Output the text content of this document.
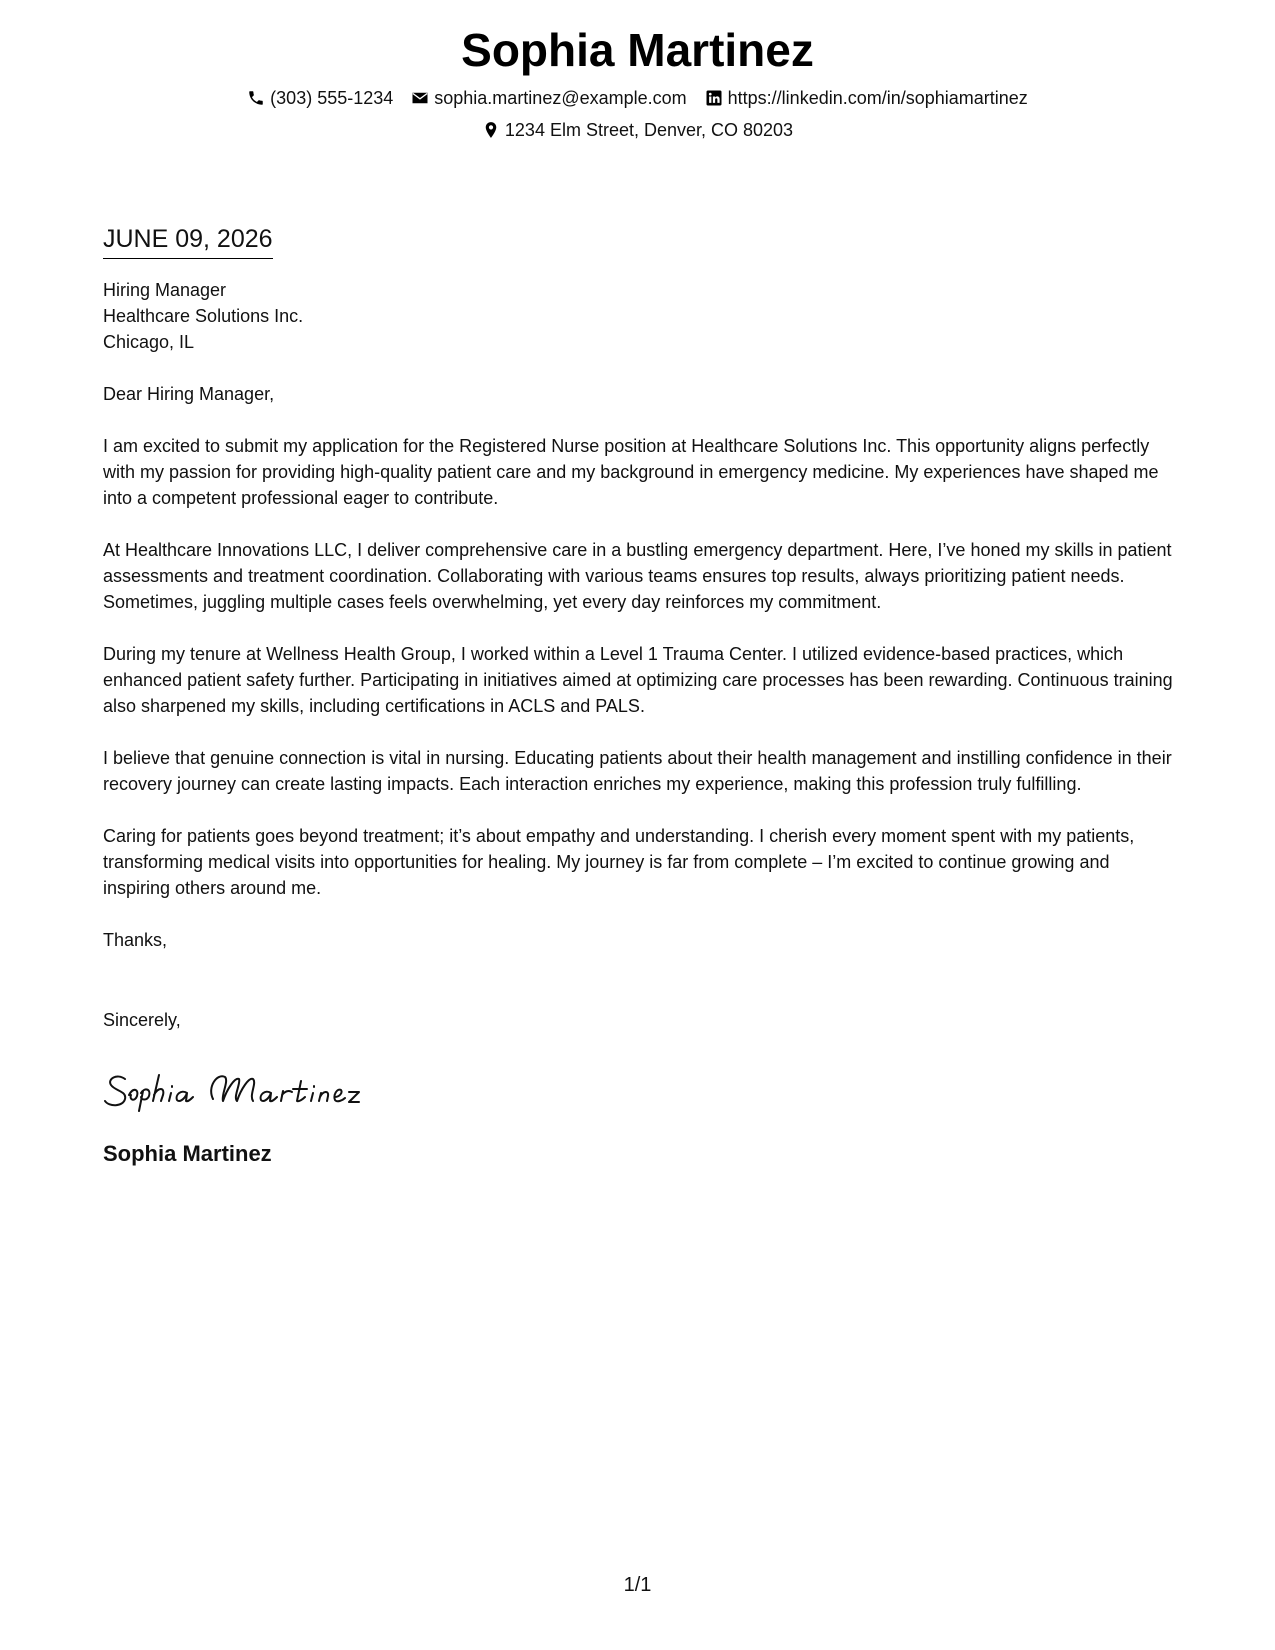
Sophia Martinez
(303) 555-1234 sophia.martinez@example.com https://linkedin.com/in/sophiamartinez
1234 Elm Street, Denver, CO 80203
JUNE 09, 2026
Hiring Manager
Healthcare Solutions Inc.
Chicago, IL
Dear Hiring Manager,
I am excited to submit my application for the Registered Nurse position at Healthcare Solutions Inc. This opportunity aligns perfectly with my passion for providing high-quality patient care and my background in emergency medicine. My experiences have shaped me into a competent professional eager to contribute.
At Healthcare Innovations LLC, I deliver comprehensive care in a bustling emergency department. Here, I’ve honed my skills in patient assessments and treatment coordination. Collaborating with various teams ensures top results, always prioritizing patient needs. Sometimes, juggling multiple cases feels overwhelming, yet every day reinforces my commitment.
During my tenure at Wellness Health Group, I worked within a Level 1 Trauma Center. I utilized evidence-based practices, which enhanced patient safety further. Participating in initiatives aimed at optimizing care processes has been rewarding. Continuous training also sharpened my skills, including certifications in ACLS and PALS.
I believe that genuine connection is vital in nursing. Educating patients about their health management and instilling confidence in their recovery journey can create lasting impacts. Each interaction enriches my experience, making this profession truly fulfilling.
Caring for patients goes beyond treatment; it’s about empathy and understanding. I cherish every moment spent with my patients, transforming medical visits into opportunities for healing. My journey is far from complete – I’m excited to continue growing and inspiring others around me.
Thanks,
Sincerely,
Sophia Martinez
1/1
